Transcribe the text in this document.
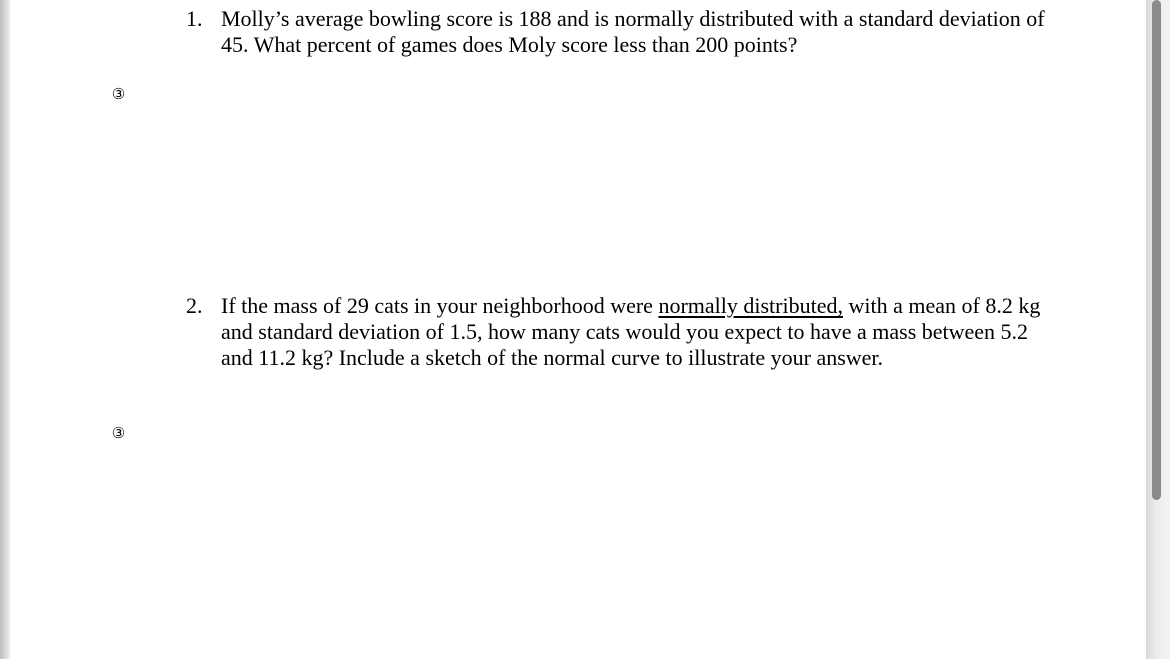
③
1. Molly’s average bowling score is 188 and is normally distributed with a standard deviation of
45. What percent of games does Moly score less than 200 points?
③
2. If the mass of 29 cats in your neighborhood were normally distributed, with a mean of 8.2 kg
and standard deviation of 1.5, how many cats would you expect to have a mass between 5.2
and 11.2 kg? Include a sketch of the normal curve to illustrate your answer.
